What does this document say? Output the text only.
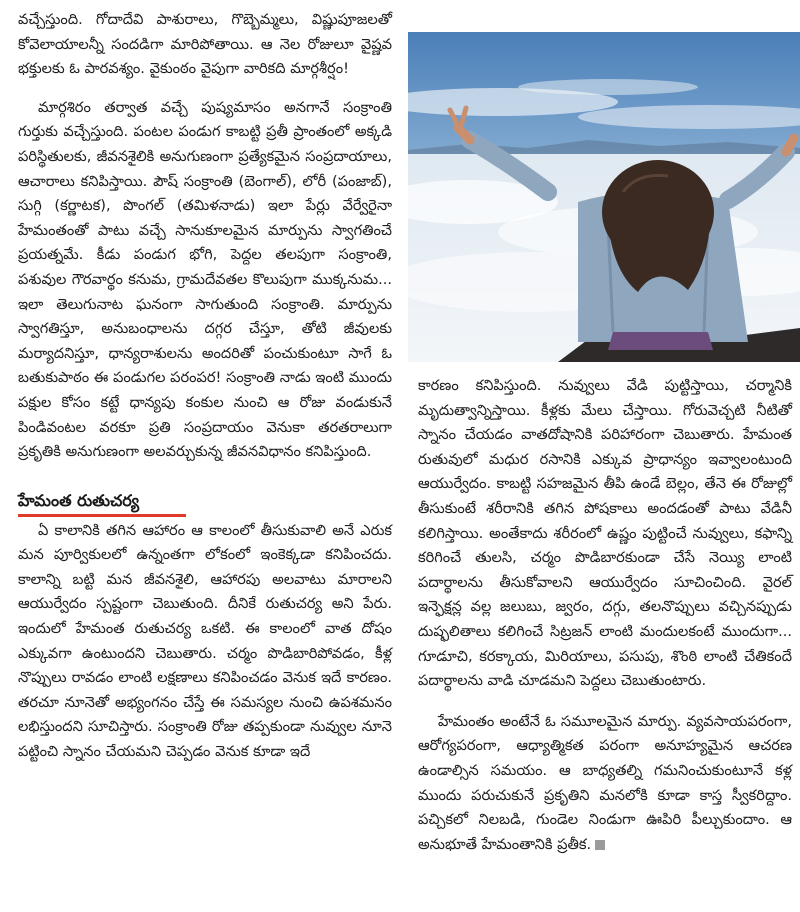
వచ్చేస్తుంది. గోదాదేవి పాశురాలు, గొబ్బెమ్మలు, విష్ణుపూజలతో కోవెలాయాలన్నీ సందడిగా మారిపోతాయి. ఆ నెల రోజులూ వైష్ణవ భక్తులకు ఓ పారవశ్యం. వైకుంఠం వైపుగా వారికది మార్గశీర్షం!

మార్గశిరం తర్వాత వచ్చే పుష్యమాసం అనగానే సంక్రాంతి గుర్తుకు వచ్చేస్తుంది. పంటల పండుగ కాబట్టి ప్రతీ ప్రాంతంలో అక్కడి పరిస్థితులకు, జీవనశైలికి అనుగుణంగా ప్రత్యేకమైన సంప్రదాయాలు, ఆచారాలు కనిపిస్తాయి. పౌష్ సంక్రాంతి (బెంగాల్), లోరీ (పంజాబ్), సుగ్గి (కర్ణాటక), పొంగల్ (తమిళనాడు) ఇలా పేర్లు వేర్వేరైనా హేమంతంతో పాటు వచ్చే సానుకూలమైన మార్పును స్వాగతించే ప్రయత్నమే. కీడు పండుగ భోగి, పెద్దల తలపుగా సంక్రాంతి, పశువుల గౌరవార్థం కనుమ, గ్రామదేవతల కొలుపుగా ముక్కనుమ... ఇలా తెలుగునాట ఘనంగా సాగుతుంది సంక్రాంతి. మార్పును స్వాగతిస్తూ, అనుబంధాలను దగ్గర చేస్తూ, తోటి జీవులకు మర్యాదనిస్తూ, ధాన్యరాశులను అందరితో పంచుకుంటూ సాగే ఓ బతుకుపాఠం ఈ పండుగల పరంపర! సంక్రాంతి నాడు ఇంటి ముందు పక్షుల కోసం కట్టే ధాన్యపు కంకుల నుంచి ఆ రోజు వండుకునే పిండివంటల వరకూ ప్రతి సంప్రదాయం వెనుకా తరతరాలుగా ప్రకృతికి అనుగుణంగా అలవర్చుకున్న జీవనవిధానం కనిపిస్తుంది.

హేమంత రుతుచర్య

ఏ కాలానికి తగిన ఆహారం ఆ కాలంలో తీసుకువాలి అనే ఎరుక మన పూర్వికులలో ఉన్నంతగా లోకంలో ఇంకెక్కడా కనిపించదు. కాలాన్ని బట్టి మన జీవనశైలి, ఆహారపు అలవాటు మారాలని ఆయుర్వేదం స్పష్టంగా చెబుతుంది. దీనికే రుతుచర్య అని పేరు. ఇందులో హేమంత రుతుచర్య ఒకటి. ఈ కాలంలో వాత దోషం ఎక్కువగా ఉంటుందని చెబుతారు. చర్మం పొడిబారిపోవడం, కీళ్ల నొప్పులు రావడం లాంటి లక్షణాలు కనిపించడం వెనుక ఇదే కారణం. తరచూ నూనెతో అభ్యంగనం చేస్తే ఈ సమస్యల నుంచి ఉపశమనం లభిస్తుందని సూచిస్తారు. సంక్రాంతి రోజు తప్పకుండా నువ్వుల నూనె పట్టించి స్నానం చేయమని చెప్పడం వెనుక కూడా ఇదే

కారణం కనిపిస్తుంది. నువ్వులు వేడి పుట్టిస్తాయి, చర్మానికి మృదుత్వాన్నిస్తాయి. కీళ్లకు మేలు చేస్తాయి. గోరువెచ్చటి నీటితో స్నానం చేయడం వాతదోషానికి పరిహారంగా చెబుతారు. హేమంత రుతువులో మధుర రసానికి ఎక్కువ ప్రాధాన్యం ఇవ్వాలంటుంది ఆయుర్వేదం. కాబట్టి సహజమైన తీపి ఉండే బెల్లం, తేనె ఈ రోజుల్లో తీసుకుంటే శరీరానికి తగిన పోషకాలు అందడంతో పాటు వేడినీ కలిగిస్తాయి. అంతేకాదు శరీరంలో ఉష్ణం పుట్టించే నువ్వులు, కఫాన్ని కరిగించే తులసి, చర్మం పొడిబారకుండా చేసే నెయ్యి లాంటి పదార్థాలను తీసుకోవాలని ఆయుర్వేదం సూచించింది. వైరల్ ఇన్ఫెక్షన్ల వల్ల జలుబు, జ్వరం, దగ్గు, తలనొప్పులు వచ్చినప్పుడు దుష్ఫలితాలు కలిగించే సిట్రజన్ లాంటి మందులకంటే ముందుగా... గూడూచి, కరక్కాయ, మిరియాలు, పసుపు, శొంఠి లాంటి చేతికందే పదార్థాలను వాడి చూడమని పెద్దలు చెబుతుంటారు.

హేమంతం అంటేనే ఓ సమూలమైన మార్పు. వ్యవసాయపరంగా, ఆరోగ్యపరంగా, ఆధ్యాత్మికత పరంగా అనూహ్యమైన ఆచరణ ఉండాల్సిన సమయం. ఆ బాధ్యతల్ని గమనించుకుంటూనే కళ్ల ముందు పరుచుకునే ప్రకృతిని మనలోకి కూడా కాస్త స్వీకరిద్దాం. పచ్చికలో నిలబడి, గుండెల నిండుగా ఊపిరి పీల్చుకుందాం. ఆ అనుభూతే హేమంతానికి ప్రతీక.
